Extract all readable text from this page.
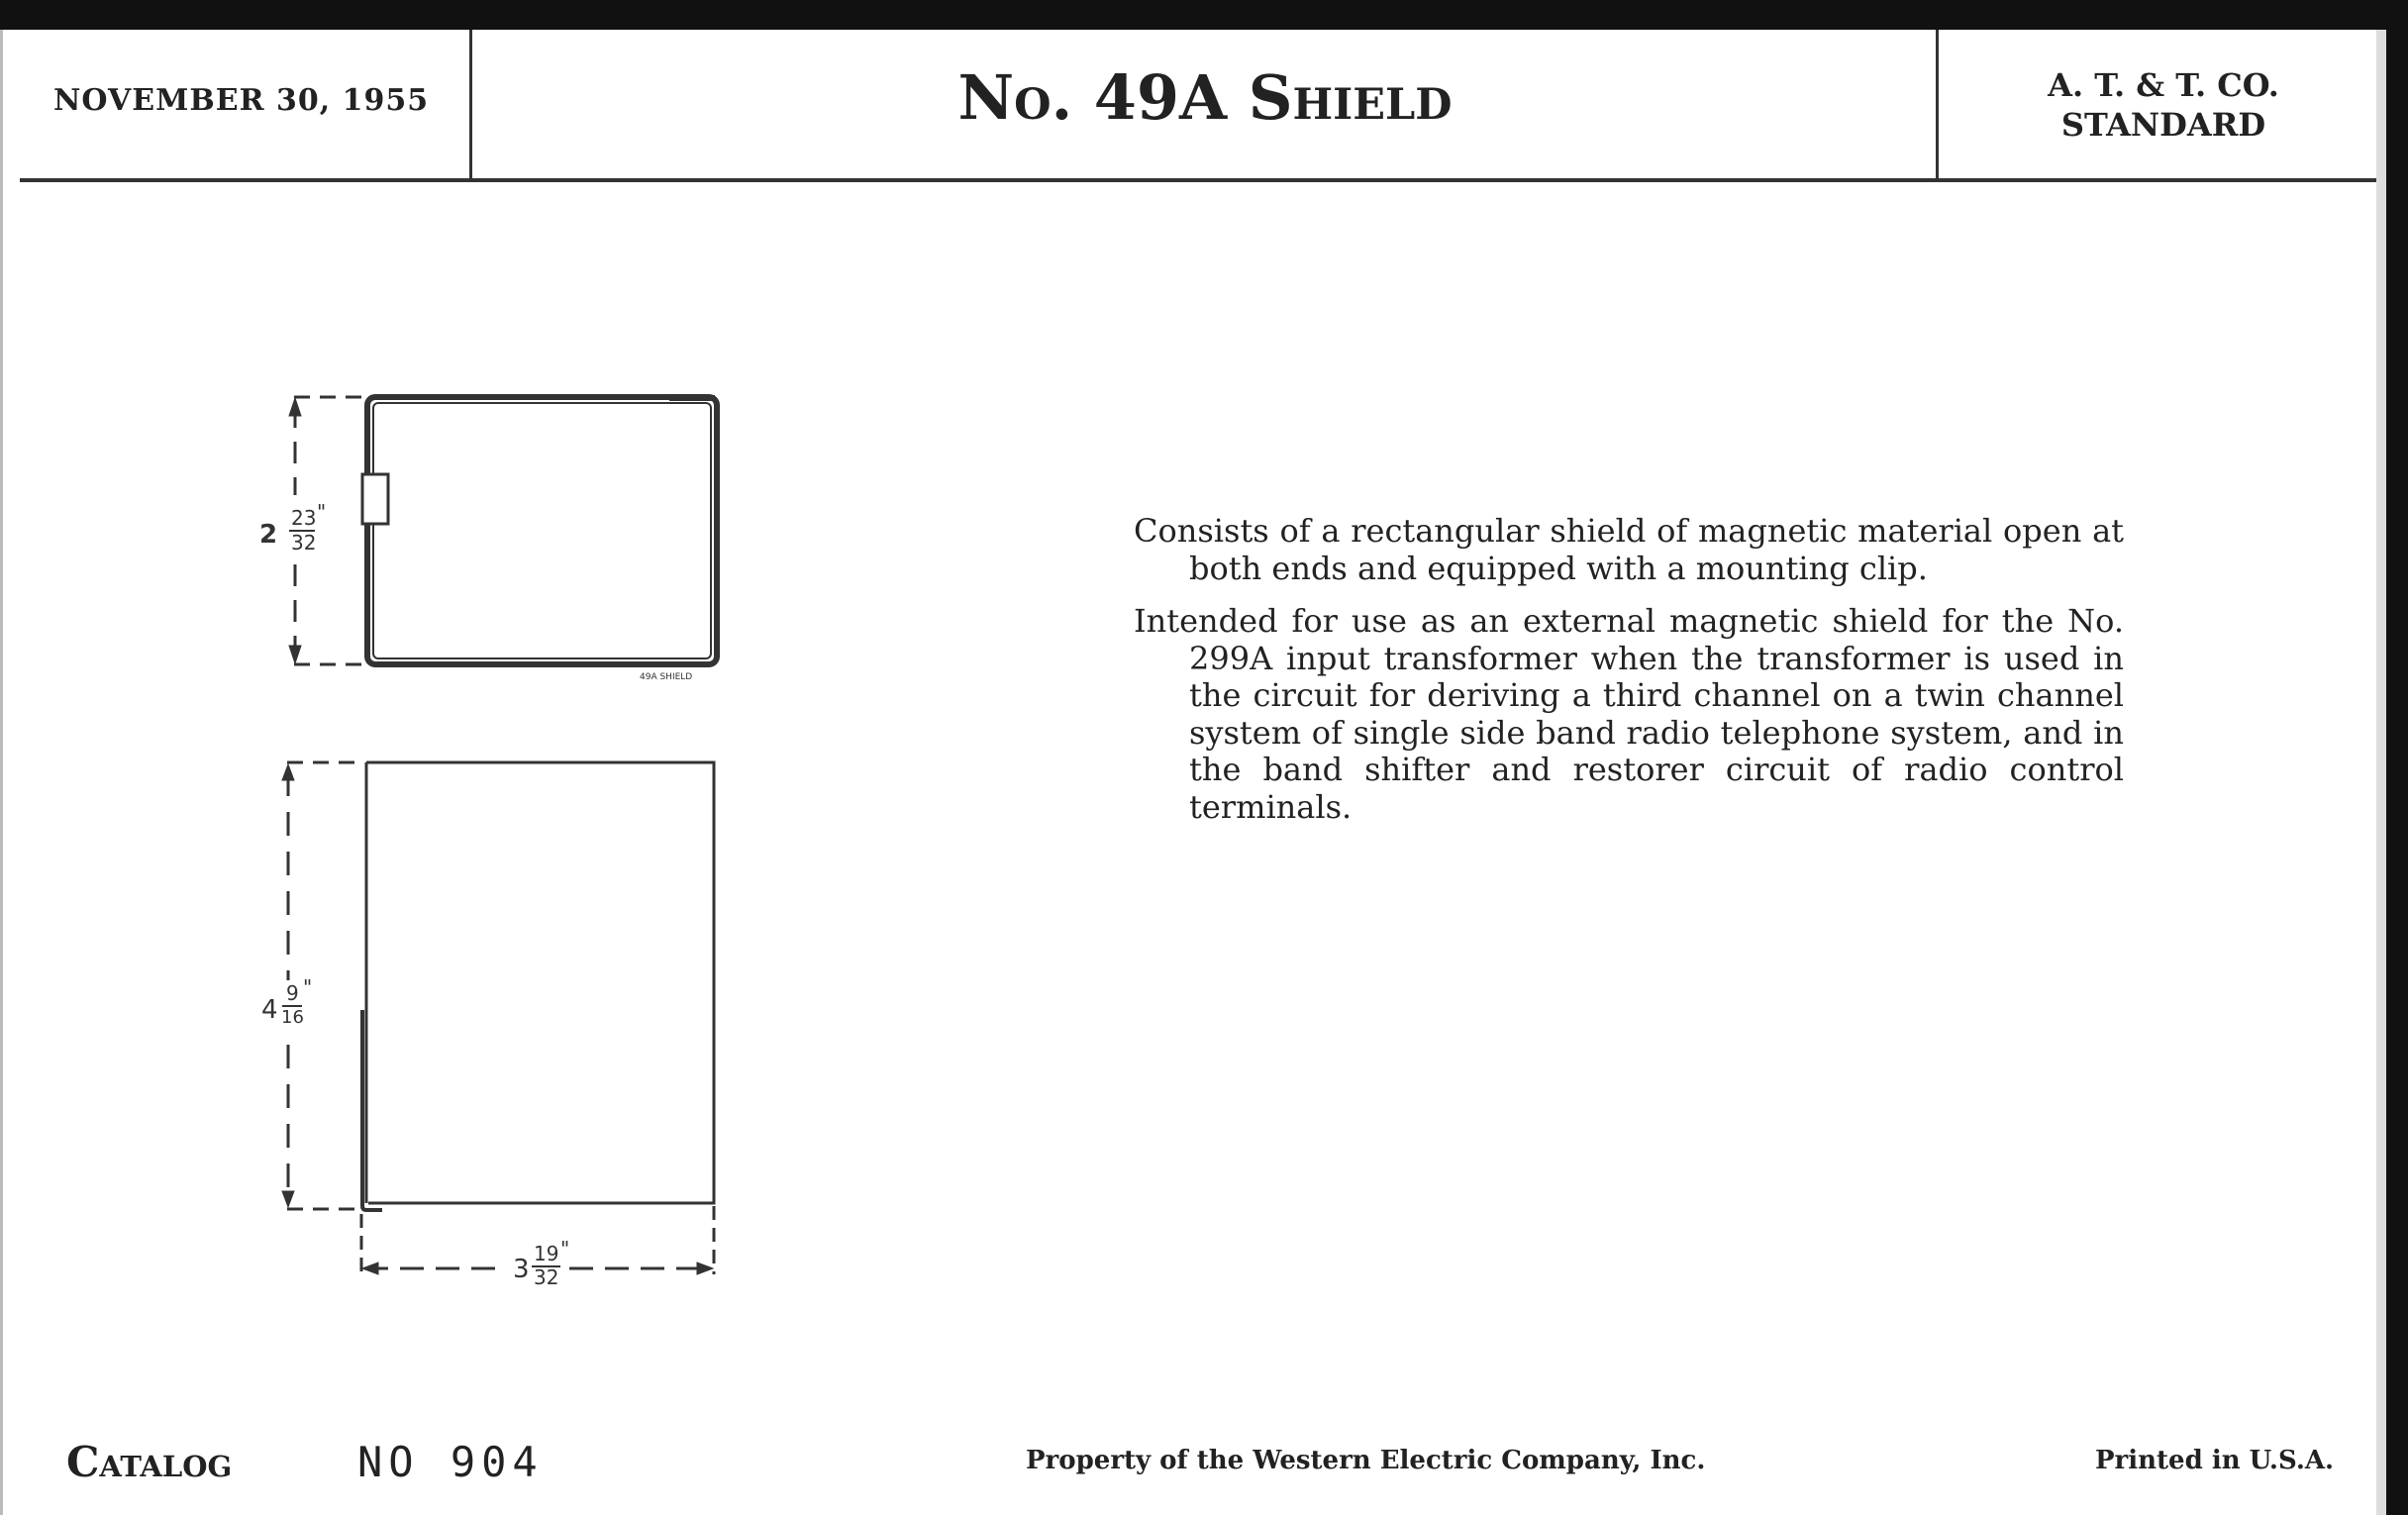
NOVEMBER 30, 1955	No. 49A Shield	A. T. & T. CO.
STANDARD
2
23
32
"
49A SHIELD
4
9
16
"
3
19
32
"

Consists of a rectangular shield of magnetic material open at both ends and equipped with a mounting clip.

Intended for use as an external magnetic shield for the No. 299A input transformer when the transformer is used in the circuit for deriving a third channel on a twin channel system of single side band radio telephone system, and in the band shifter and restorer circuit of radio control terminals.

Catalog	NO 904	Property of the Western Electric Company, Inc.	Printed in U.S.A.
